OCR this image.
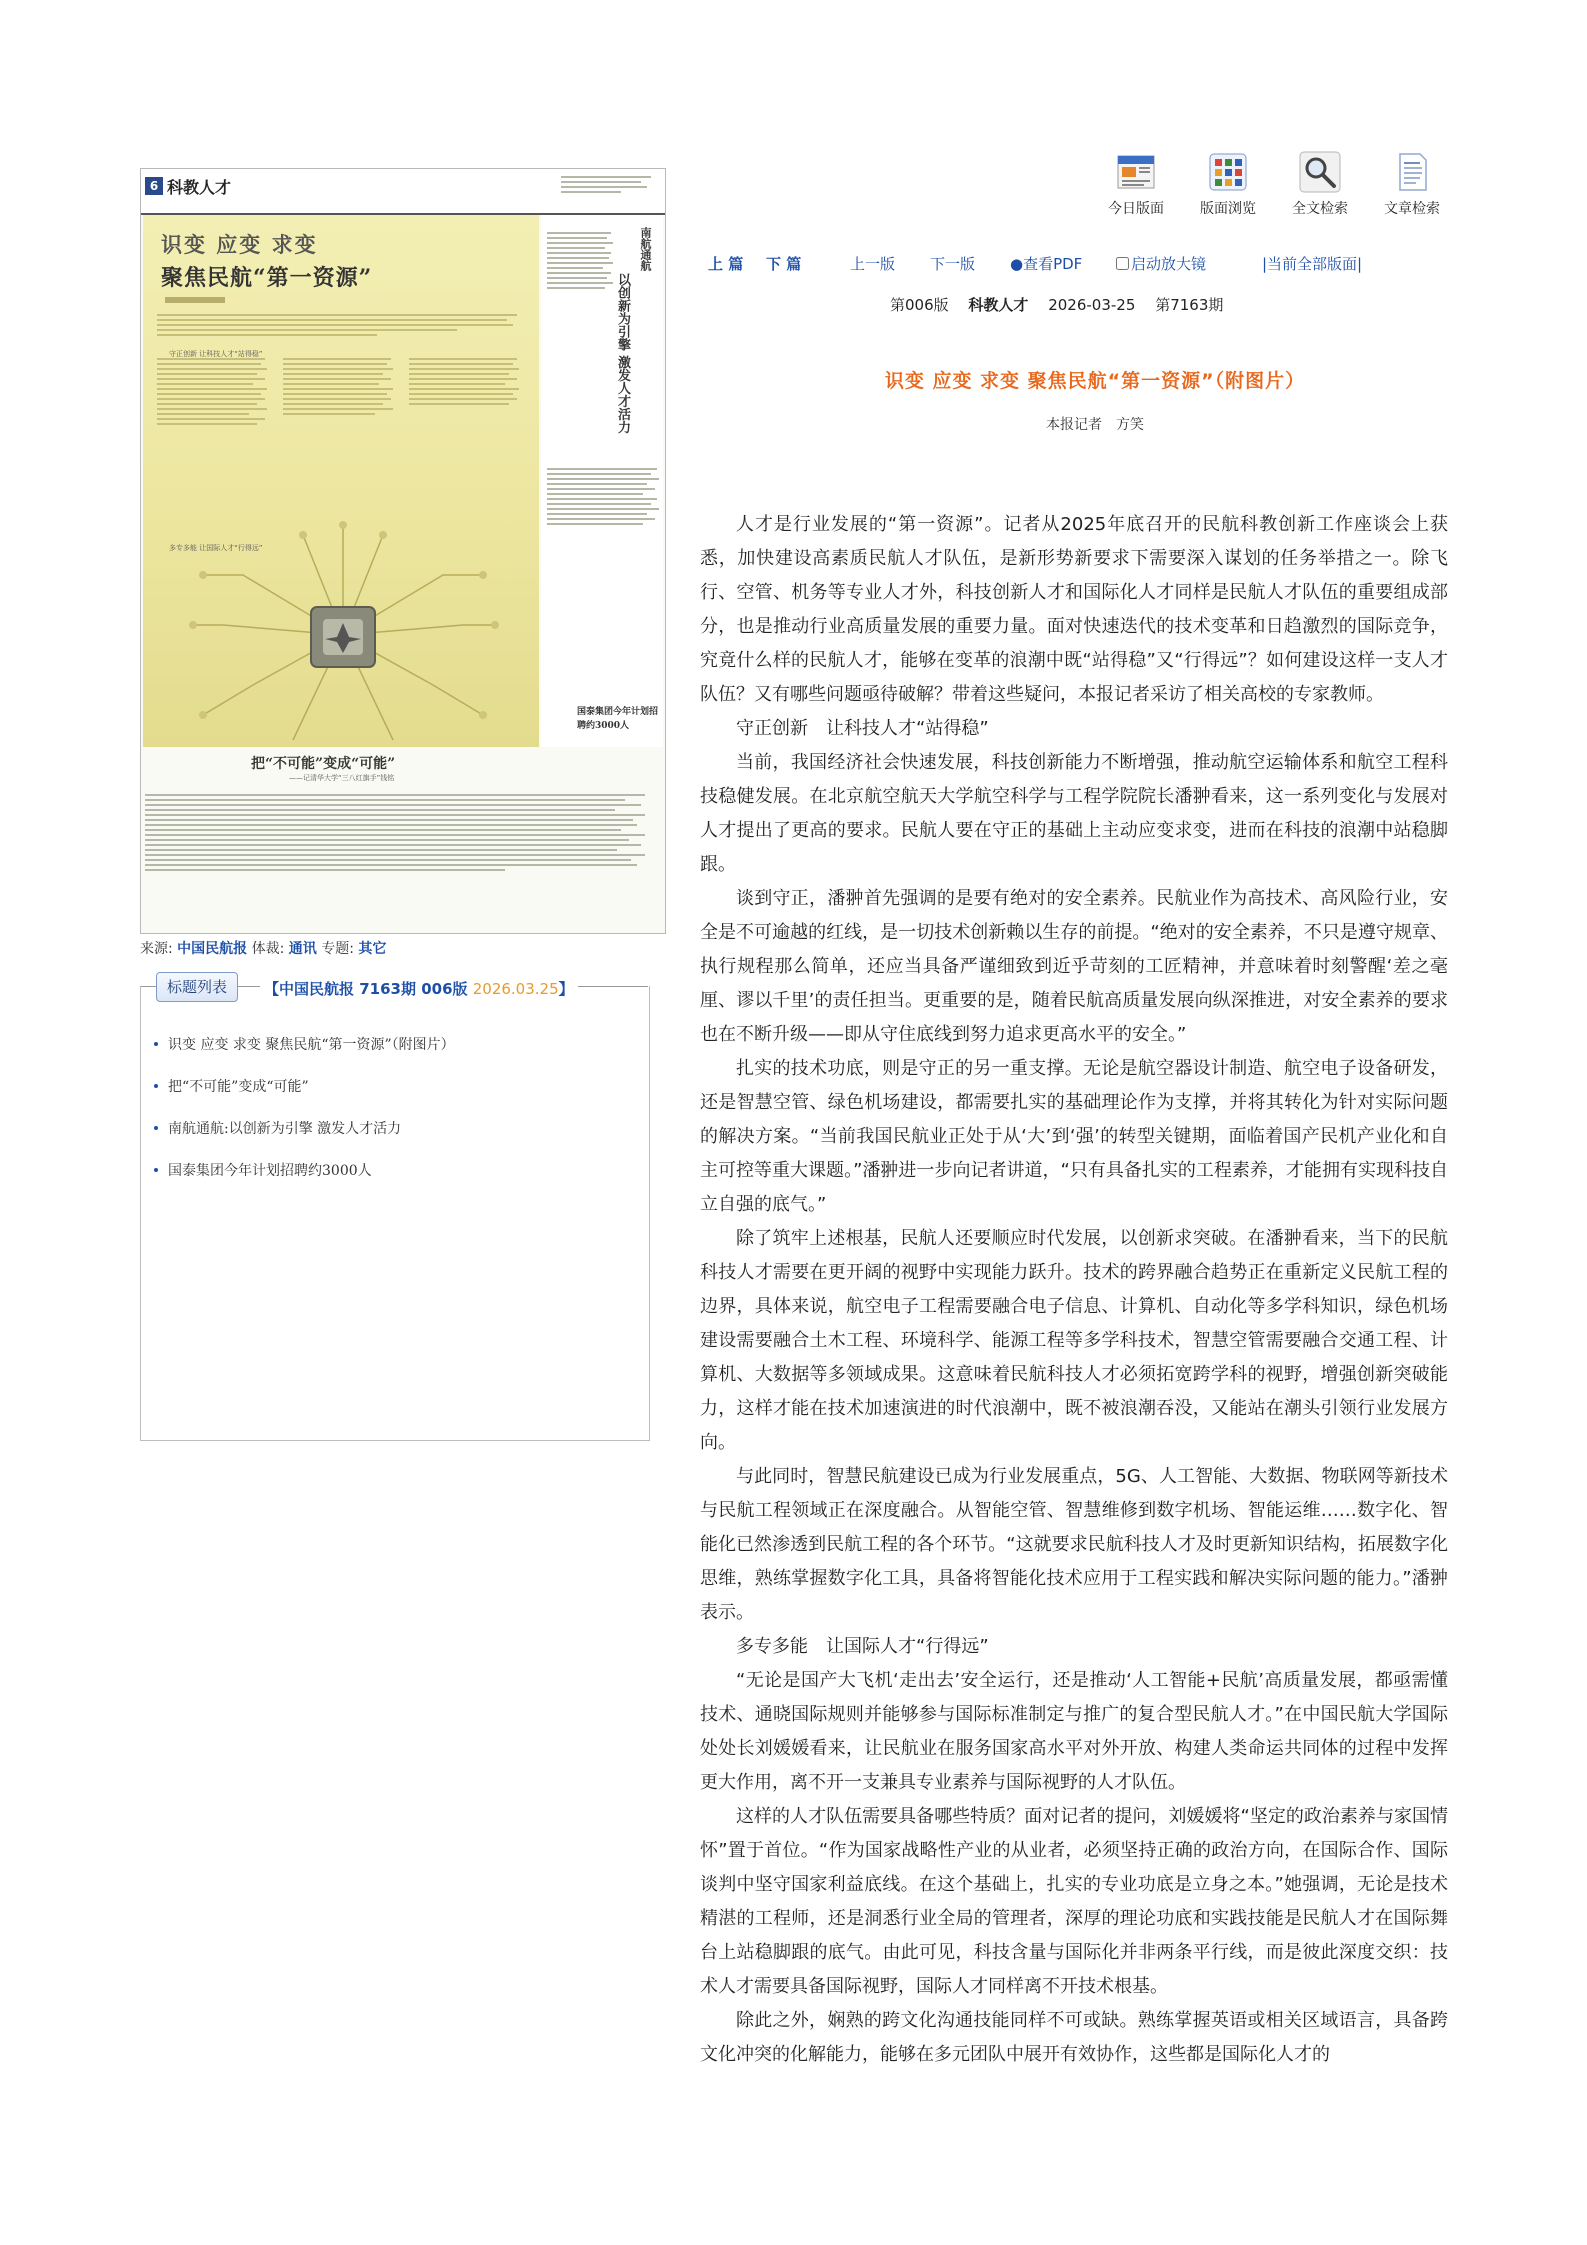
6 科教人才
识变 应变 求变
聚焦民航“第一资源”
守正创新 让科技人才“站得稳”
多专多能 让国际人才“行得远”
南航通航
以创新为引擎 激发人才活力
国泰集团今年计划招聘约3000人
把“不可能”变成“可能”
——记清华大学“三八红旗手”钱铭
来源: 中国民航报 体裁: 通讯 专题: 其它
标题列表	【中国民航报 7163期 006版 2026.03.25】
识变 应变 求变 聚焦民航“第一资源”（附图片）
把“不可能”变成“可能”
南航通航:以创新为引擎 激发人才活力
国泰集团今年计划招聘约3000人
今日版面	版面浏览	全文检索	文章检索
上 篇 下 篇	上一版 下一版 ●查看PDF	启动放大镜	|当前全部版面|
第006版　 科教人才　 2026-03-25　 第7163期
识变 应变 求变 聚焦民航“第一资源”（附图片）
本报记者　方笑

人才是行业发展的“第一资源”。记者从2025年底召开的民航科教创新工作座谈会上获悉，加快建设高素质民航人才队伍，是新形势新要求下需要深入谋划的任务举措之一。除飞行、空管、机务等专业人才外，科技创新人才和国际化人才同样是民航人才队伍的重要组成部分，也是推动行业高质量发展的重要力量。面对快速迭代的技术变革和日趋激烈的国际竞争，究竟什么样的民航人才，能够在变革的浪潮中既“站得稳”又“行得远”？如何建设这样一支人才队伍？又有哪些问题亟待破解？带着这些疑问，本报记者采访了相关高校的专家教师。

守正创新　让科技人才“站得稳”

当前，我国经济社会快速发展，科技创新能力不断增强，推动航空运输体系和航空工程科技稳健发展。在北京航空航天大学航空科学与工程学院院长潘翀看来，这一系列变化与发展对人才提出了更高的要求。民航人要在守正的基础上主动应变求变，进而在科技的浪潮中站稳脚跟。

谈到守正，潘翀首先强调的是要有绝对的安全素养。民航业作为高技术、高风险行业，安全是不可逾越的红线，是一切技术创新赖以生存的前提。“绝对的安全素养，不只是遵守规章、执行规程那么简单，还应当具备严谨细致到近乎苛刻的工匠精神，并意味着时刻警醒‘差之毫厘、谬以千里’的责任担当。更重要的是，随着民航高质量发展向纵深推进，对安全素养的要求也在不断升级——即从守住底线到努力追求更高水平的安全。”

扎实的技术功底，则是守正的另一重支撑。无论是航空器设计制造、航空电子设备研发，还是智慧空管、绿色机场建设，都需要扎实的基础理论作为支撑，并将其转化为针对实际问题的解决方案。“当前我国民航业正处于从‘大’到‘强’的转型关键期，面临着国产民机产业化和自主可控等重大课题。”潘翀进一步向记者讲道，“只有具备扎实的工程素养，才能拥有实现科技自立自强的底气。”

除了筑牢上述根基，民航人还要顺应时代发展，以创新求突破。在潘翀看来，当下的民航科技人才需要在更开阔的视野中实现能力跃升。技术的跨界融合趋势正在重新定义民航工程的边界，具体来说，航空电子工程需要融合电子信息、计算机、自动化等多学科知识，绿色机场建设需要融合土木工程、环境科学、能源工程等多学科技术，智慧空管需要融合交通工程、计算机、大数据等多领域成果。这意味着民航科技人才必须拓宽跨学科的视野，增强创新突破能力，这样才能在技术加速演进的时代浪潮中，既不被浪潮吞没，又能站在潮头引领行业发展方向。

与此同时，智慧民航建设已成为行业发展重点，5G、人工智能、大数据、物联网等新技术与民航工程领域正在深度融合。从智能空管、智慧维修到数字机场、智能运维……数字化、智能化已然渗透到民航工程的各个环节。“这就要求民航科技人才及时更新知识结构，拓展数字化思维，熟练掌握数字化工具，具备将智能化技术应用于工程实践和解决实际问题的能力。”潘翀表示。

多专多能　让国际人才“行得远”

“无论是国产大飞机‘走出去’安全运行，还是推动‘人工智能+民航’高质量发展，都亟需懂技术、通晓国际规则并能够参与国际标准制定与推广的复合型民航人才。”在中国民航大学国际处处长刘媛媛看来，让民航业在服务国家高水平对外开放、构建人类命运共同体的过程中发挥更大作用，离不开一支兼具专业素养与国际视野的人才队伍。

这样的人才队伍需要具备哪些特质？面对记者的提问，刘媛媛将“坚定的政治素养与家国情怀”置于首位。“作为国家战略性产业的从业者，必须坚持正确的政治方向，在国际合作、国际谈判中坚守国家利益底线。在这个基础上，扎实的专业功底是立身之本。”她强调，无论是技术精湛的工程师，还是洞悉行业全局的管理者，深厚的理论功底和实践技能是民航人才在国际舞台上站稳脚跟的底气。由此可见，科技含量与国际化并非两条平行线，而是彼此深度交织：技术人才需要具备国际视野，国际人才同样离不开技术根基。

除此之外，娴熟的跨文化沟通技能同样不可或缺。熟练掌握英语或相关区域语言，具备跨文化冲突的化解能力，能够在多元团队中展开有效协作，这些都是国际化人才的
